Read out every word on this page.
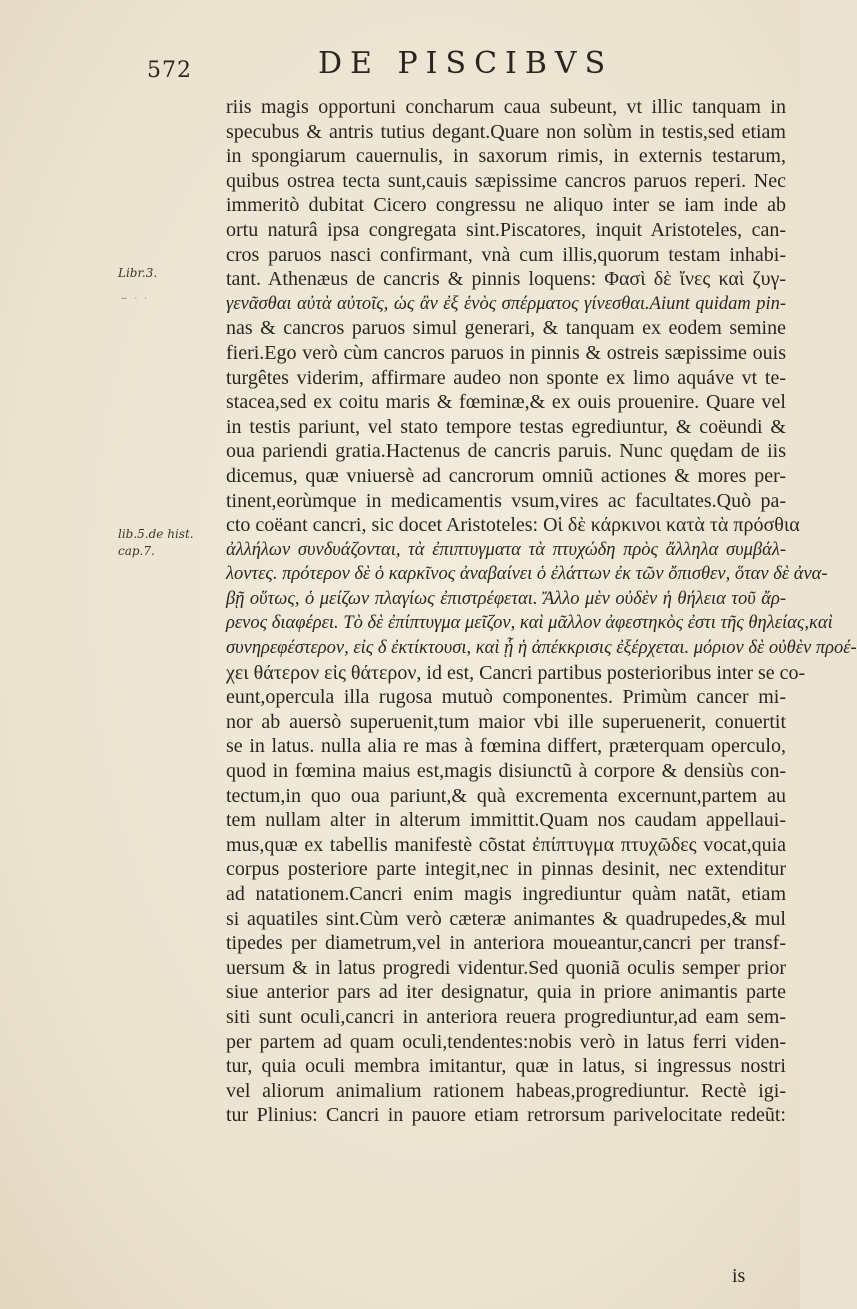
572	DE PISCIBVS
Libr.3.
~ · ·
lib.5.de hist.
cap.7.
riis magis opportuni concharum caua subeunt, vt illic tanquam in
specubus & antris tutius degant.Quare non solùm in testis,sed etiam
in spongiarum cauernulis, in saxorum rimis, in externis testarum,
quibus ostrea tecta sunt,cauis sæpissime cancros paruos reperi. Nec
immeritò dubitat Cicero congressu ne aliquo inter se iam inde ab
ortu naturâ ipsa congregata sint.Piscatores, inquit Aristoteles, can-
cros paruos nasci confirmant, vnà cum illis,quorum testam inhabi-
tant. Athenæus de cancris & pinnis loquens: Φασὶ δὲ ἴνες καὶ ζυγ-
γενᾶσθαι αὐτὰ αὐτοῖς, ὡς ἂν ἐξ ἑνὸς σπέρματος γίνεσθαι.Aiunt quidam pin-
nas & cancros paruos simul generari, & tanquam ex eodem semine
fieri.Ego verò cùm cancros paruos in pinnis & ostreis sæpissime ouis
turgêtes viderim, affirmare audeo non sponte ex limo aquáve vt te-
stacea,sed ex coitu maris & fœminæ,& ex ouis prouenire. Quare vel
in testis pariunt, vel stato tempore testas egrediuntur, & coëundi &
oua pariendi gratia.Hactenus de cancris paruis. Nunc quędam de iis
dicemus, quæ vniuersè ad cancrorum omniũ actiones & mores per-
tinent,eorùmque in medicamentis vsum,vires ac facultates.Quò pa-
cto coëant cancri, sic docet Aristoteles: Οἱ δὲ κάρκινοι κατὰ τὰ πρόσθια
ἀλλήλων συνδυάζονται, τὰ ἐπιπτυγματα τὰ πτυχώδη πρὸς ἄλληλα συμβάλ-
λοντες. πρότερον δὲ ὁ καρκῖνος ἀναβαίνει ὁ ἐλάττων ἐκ τῶν ὄπισθεν, ὅταν δὲ ἀνα-
βῇ οὕτως, ὁ μείζων πλαγίως ἐπιστρέφεται. Ἄλλο μὲν οὐδὲν ἡ θήλεια τοῦ ἄρ-
ρενος διαφέρει. Τὸ δὲ ἐπίπτυγμα μεῖζον, καὶ μᾶλλον ἀφεστηκὸς ἐστι τῆς θηλείας,καὶ
συνηρεφέστερον, εἰς δ ἐκτίκτουσι, καὶ ᾗ ἡ ἀπέκκρισις ἐξέρχεται. μόριον δὲ οὐθὲν προέ-
χει θάτερον εἰς θάτερον, id est, Cancri partibus posterioribus inter se co-
eunt,opercula illa rugosa mutuò componentes. Primùm cancer mi-
nor ab auersò superuenit,tum maior vbi ille superuenerit, conuertit
se in latus. nulla alia re mas à fœmina differt, præterquam operculo,
quod in fœmina maius est,magis disiunctũ à corpore & densiùs con-
tectum,in quo oua pariunt,& quà excrementa excernunt,partem au
tem nullam alter in alterum immittit.Quam nos caudam appellaui-
mus,quæ ex tabellis manifestè cõstat ἐπίπτυγμα πτυχῶδες vocat,quia
corpus posteriore parte integit,nec in pinnas desinit, nec extenditur
ad natationem.Cancri enim magis ingrediuntur quàm natãt, etiam
si aquatiles sint.Cùm verò cæteræ animantes & quadrupedes,& mul
tipedes per diametrum,vel in anteriora moueantur,cancri per transf-
uersum & in latus progredi videntur.Sed quoniã oculis semper prior
siue anterior pars ad iter designatur, quia in priore animantis parte
siti sunt oculi,cancri in anteriora reuera progrediuntur,ad eam sem-
per partem ad quam oculi,tendentes:nobis verò in latus ferri viden-
tur, quia oculi membra imitantur, quæ in latus, si ingressus nostri
vel aliorum animalium rationem habeas,progrediuntur. Rectè igi-
tur Plinius: Cancri in pauore etiam retrorsum parivelocitate redeũt:
is
